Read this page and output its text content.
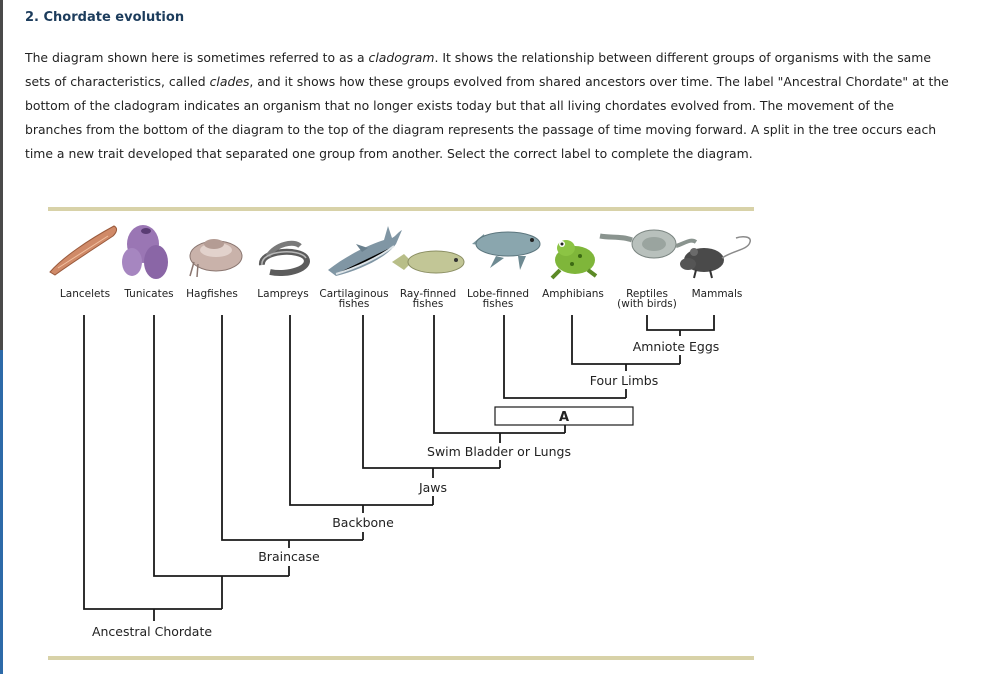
2. Chordate evolution
The diagram shown here is sometimes referred to as a cladogram. It shows the relationship between different groups of organisms with the same sets of characteristics, called clades, and it shows how these groups evolved from shared ancestors over time. The label "Ancestral Chordate" at the bottom of the cladogram indicates an organism that no longer exists today but that all living chordates evolved from. The movement of the branches from the bottom of the diagram to the top of the diagram represents the passage of time moving forward. A split in the tree occurs each time a new trait developed that separated one group from another. Select the correct label to complete the diagram.
Lancelets Tunicates Hagfishes Lampreys Cartilaginous
fishes
Ray-finned
fishes
Lobe-finned
fishes
Amphibians Reptiles
(with birds)
Mammals
A
Amniote Eggs
Four Limbs
Swim Bladder or Lungs
Jaws
Backbone
Braincase
Ancestral Chordate
